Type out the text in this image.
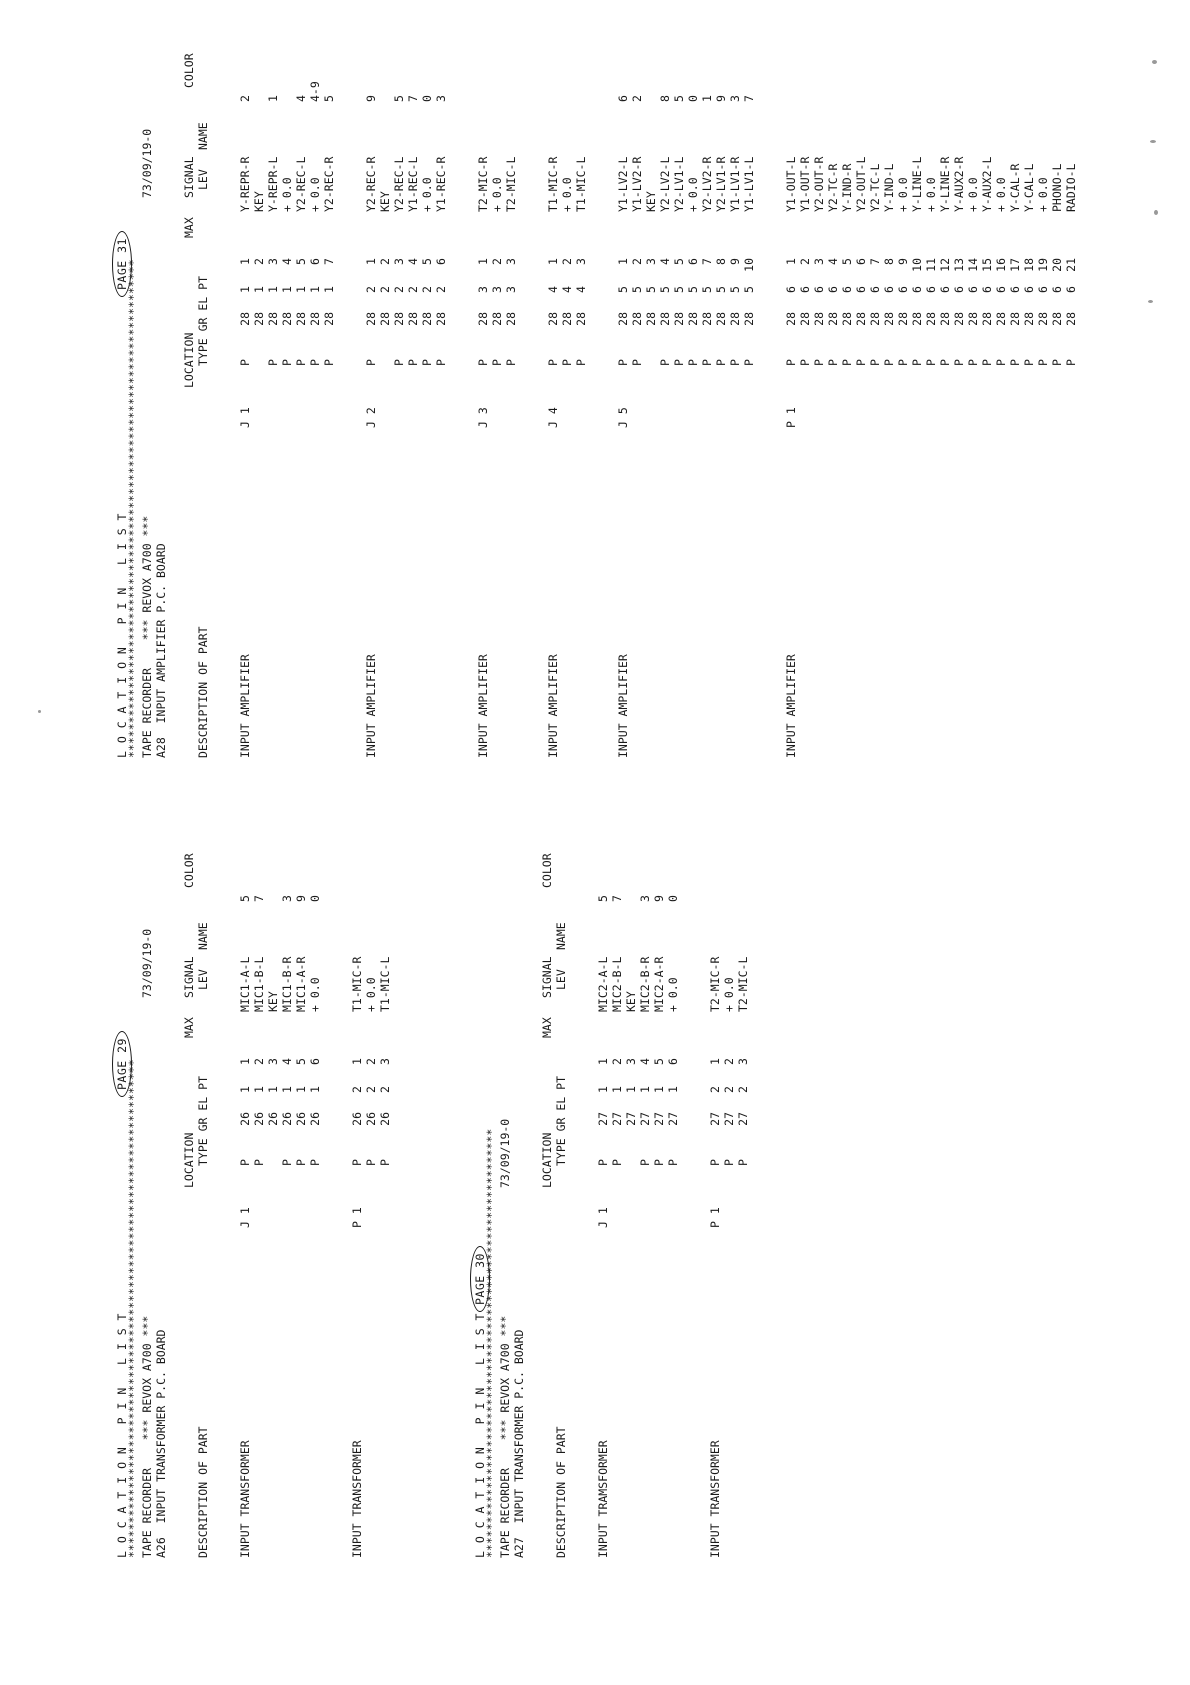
L O C A T I O N   P I N   L I S TPAGE 29
************************************************************************ TAPE RECORDER    *** REVOX A700 ***73/09/19-0
A26  INPUT TRANSFORMER P.C. BOARD
LOCATION
MAX
SIGNAL
COLOR
DESCRIPTION OF PART
TYPE GR EL PT
LEV
NAME
INPUT TRANSFORMER
J 1
P
26
1
1
MIC1-A-L
5
P
26
1
2
MIC1-B-L
7
26
1
3
KEY
P
26
1
4
MIC1-B-R
3
P
26
1
5
MIC1-A-R
9
P
26
1
6
+ 0.0
0
INPUT TRANSFORMER
P 1
P
26
2
1
T1-MIC-R
P
26
2
2
+ 0.0
P
26
2
3
T1-MIC-L
L O C A T I O N   P I N   L I S TPAGE 30
************************************************************** TAPE RECORDER    *** REVOX A700 ***73/09/19-0
A27  INPUT TRANSFORMER P.C. BOARD
LOCATION
MAX
SIGNAL
COLOR
DESCRIPTION OF PART
TYPE GR EL PT
LEV
NAME
INPUT TRAMSFORMER
J 1
P
27
1
1
MIC2-A-L
5
P
27
1
2
MIC2-B-L
7
27
1
3
KEY
P
27
1
4
MIC2-B-R
3
P
27
1
5
MIC2-A-R
9
P
27
1
6
+ 0.0
0
INPUT TRANSFORMER
P 1
P
27
2
1
T2-MIC-R
P
27
2
2
+ 0.0
P
27
2
3
T2-MIC-L
L O C A T I O N   P I N   L I S TPAGE 31
************************************************************************ TAPE RECORDER    *** REVOX A700 ***73/09/19-0
A28  INPUT AMPLIFIER P.C. BOARD
LOCATION
MAX
SIGNAL
COLOR
DESCRIPTION OF PART
TYPE GR EL PT
LEV
NAME
INPUT AMPLIFIER
J 1
P
28
1
1
Y-REPR-R
2
28
1
2
KEY
P
28
1
3
Y-REPR-L
1
P
28
1
4
+ 0.0
P
28
1
5
Y2-REC-L
4
P
28
1
6
+ 0.0
4-9
P
28
1
7
Y2-REC-R
5
INPUT AMPLIFIER
J 2
P
28
2
1
Y2-REC-R
9
28
2
2
KEY
P
28
2
3
Y2-REC-L
5
P
28
2
4
Y1-REC-L
7
P
28
2
5
+ 0.0
0
P
28
2
6
Y1-REC-R
3
INPUT AMPLIFIER
J 3
P
28
3
1
T2-MIC-R
P
28
3
2
+ 0.0
P
28
3
3
T2-MIC-L
INPUT AMPLIFIER
J 4
P
28
4
1
T1-MIC-R
P
28
4
2
+ 0.0
P
28
4
3
T1-MIC-L
INPUT AMPLIFIER
J 5
P
28
5
1
Y1-LV2-L
6
P
28
5
2
Y1-LV2-R
2
28
5
3
KEY
P
28
5
4
Y2-LV2-L
8
P
28
5
5
Y2-LV1-L
5
P
28
5
6
+ 0.0
0
P
28
5
7
Y2-LV2-R
1
P
28
5
8
Y2-LV1-R
9
P
28
5
9
Y1-LV1-R
3
P
28
5
10
Y1-LV1-L
7
INPUT AMPLIFIER
P 1
P
28
6
1
Y1-OUT-L
P
28
6
2
Y1-OUT-R
P
28
6
3
Y2-OUT-R
P
28
6
4
Y2-TC-R
P
28
6
5
Y-IND-R
P
28
6
6
Y2-OUT-L
P
28
6
7
Y2-TC-L
P
28
6
8
Y-IND-L
P
28
6
9
+ 0.0
P
28
6
10
Y-LINE-L
P
28
6
11
+ 0.0
P
28
6
12
Y-LINE-R
P
28
6
13
Y-AUX2-R
P
28
6
14
+ 0.0
P
28
6
15
Y-AUX2-L
P
28
6
16
+ 0.0
P
28
6
17
Y-CAL-R
P
28
6
18
Y-CAL-L
P
28
6
19
+ 0.0
P
28
6
20
PHONO-L
P
28
6
21
RADIO-L
